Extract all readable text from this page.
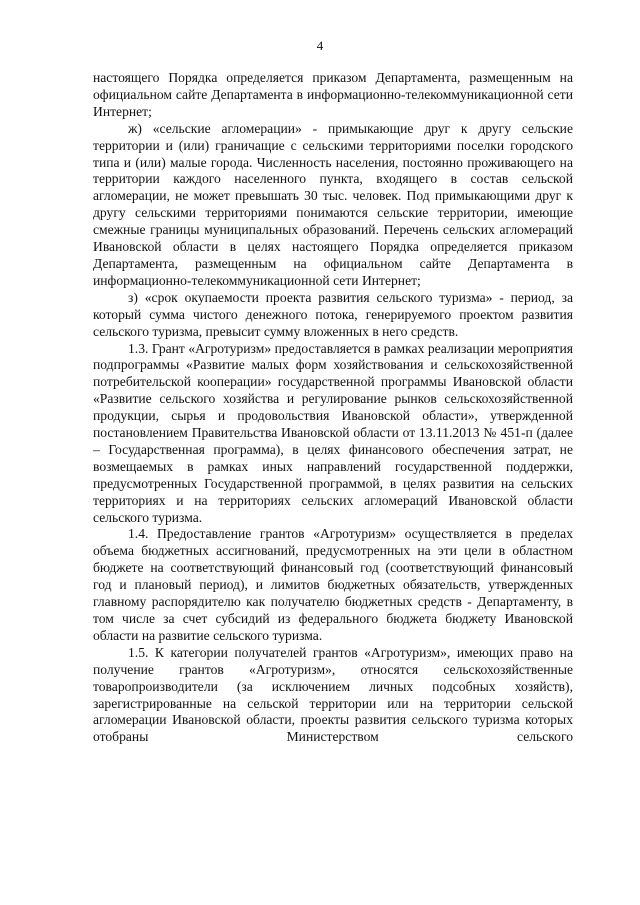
4

настоящего Порядка определяется приказом Департамента, размещенным на официальном сайте Департамента в информационно-телекоммуникационной сети Интернет;

ж) «сельские агломерации» - примыкающие друг к другу сельские территории и (или) граничащие с сельскими территориями поселки городского типа и (или) малые города. Численность населения, постоянно проживающего на территории каждого населенного пункта, входящего в состав сельской агломерации, не может превышать 30 тыс. человек. Под примыкающими друг к другу сельскими территориями понимаются сельские территории, имеющие смежные границы муниципальных образований. Перечень сельских агломераций Ивановской области в целях настоящего Порядка определяется приказом Департамента, размещенным на официальном сайте Департамента в информационно-телекоммуникационной сети Интернет;

з) «срок окупаемости проекта развития сельского туризма» - период, за который сумма чистого денежного потока, генерируемого проектом развития сельского туризма, превысит сумму вложенных в него средств.

1.3. Грант «Агротуризм» предоставляется в рамках реализации мероприятия подпрограммы «Развитие малых форм хозяйствования и сельскохозяйственной потребительской кооперации» государственной программы Ивановской области «Развитие сельского хозяйства и регулирование рынков сельскохозяйственной продукции, сырья и продовольствия Ивановской области», утвержденной постановлением Правительства Ивановской области от 13.11.2013 № 451-п (далее – Государственная программа), в целях финансового обеспечения затрат, не возмещаемых в рамках иных направлений государственной поддержки, предусмотренных Государственной программой, в целях развития на сельских территориях и на территориях сельских агломераций Ивановской области сельского туризма.

1.4. Предоставление грантов «Агротуризм» осуществляется в пределах объема бюджетных ассигнований, предусмотренных на эти цели в областном бюджете на соответствующий финансовый год (соответствующий финансовый год и плановый период), и лимитов бюджетных обязательств, утвержденных главному распорядителю как получателю бюджетных средств - Департаменту, в том числе за счет субсидий из федерального бюджета бюджету Ивановской области на развитие сельского туризма.

1.5. К категории получателей грантов «Агротуризм», имеющих право на получение грантов «Агротуризм», относятся сельскохозяйственные товаропроизводители (за исключением личных подсобных хозяйств), зарегистрированные на сельской территории или на территории сельской агломерации Ивановской области, проекты развития сельского туризма которых отобраны Министерством сельского
